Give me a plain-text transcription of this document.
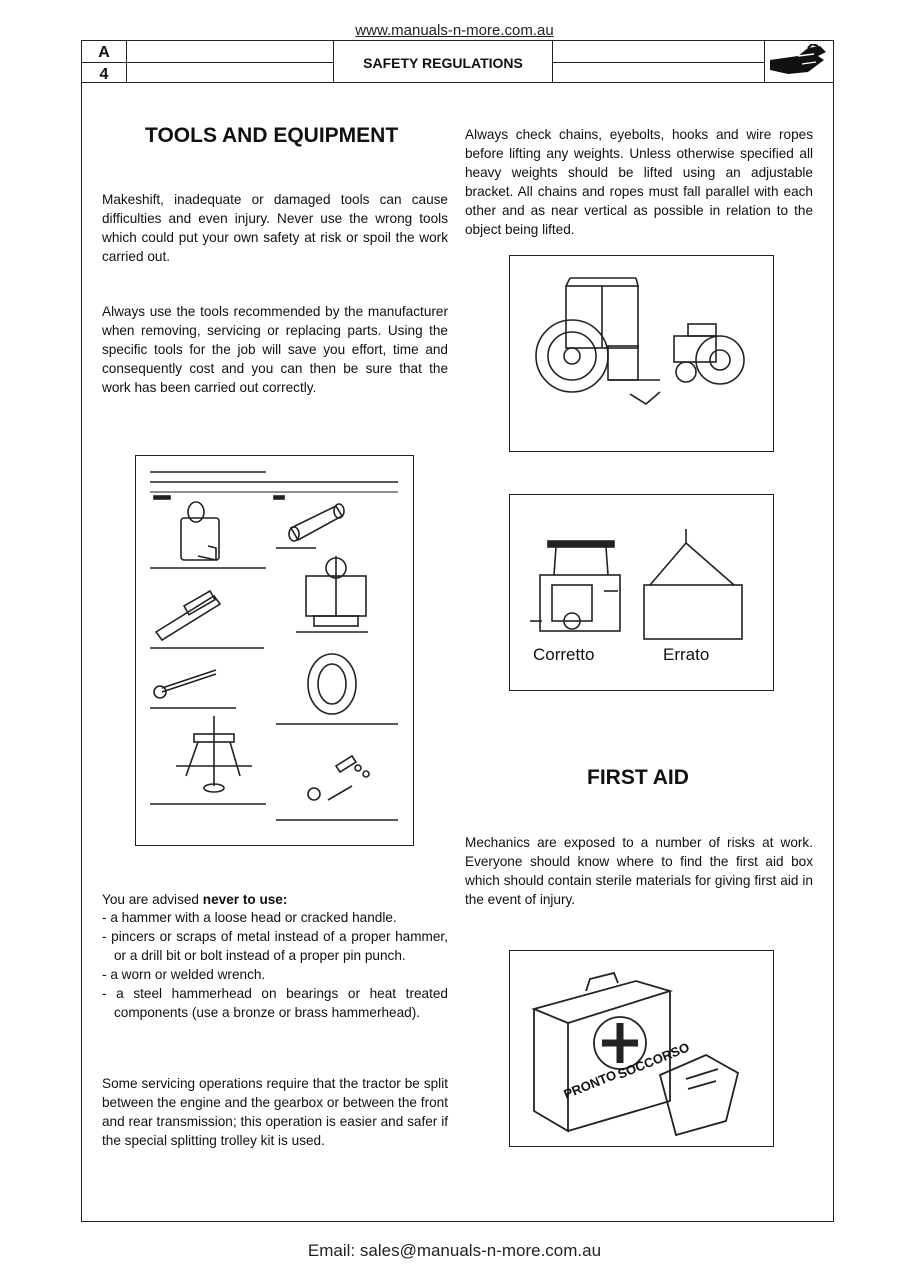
www.manuals-n-more.com.au
A
4
SAFETY REGULATIONS
TOOLS AND EQUIPMENT
Makeshift, inadequate or damaged tools can cause difficulties and even injury. Never use the wrong tools which could put your own safety at risk or spoil the work carried out.
Always use the tools recommended by the manufacturer when removing, servicing or replacing parts. Using the specific tools for the job will save you effort, time and consequently cost and you can then be sure that the work has been carried out correctly.
You are advised never to use:
- a hammer with a loose head or cracked handle.
- pincers or scraps of metal instead of a proper hammer, or a drill bit or bolt instead of a proper pin punch.
- a worn or welded wrench.
- a steel hammerhead on bearings or heat treated components (use a bronze or brass hammerhead).
Some servicing operations require that the tractor be split between the engine and the gearbox or between the front and rear transmission; this operation is easier and safer if the special splitting trolley kit is used.
Always check chains, eyebolts, hooks and wire ropes before lifting any weights. Unless otherwise specified all heavy weights should be lifted using an adjustable bracket. All chains and ropes must fall parallel with each other and as near vertical as possible in relation to the object being lifted.
Corretto	Errato
FIRST AID
Mechanics are exposed to a number of risks at work. Everyone should know where to find the first aid box which should contain sterile materials for giving first aid in the event of injury.
PRONTO
SOCCORSO
Email: sales@manuals-n-more.com.au
